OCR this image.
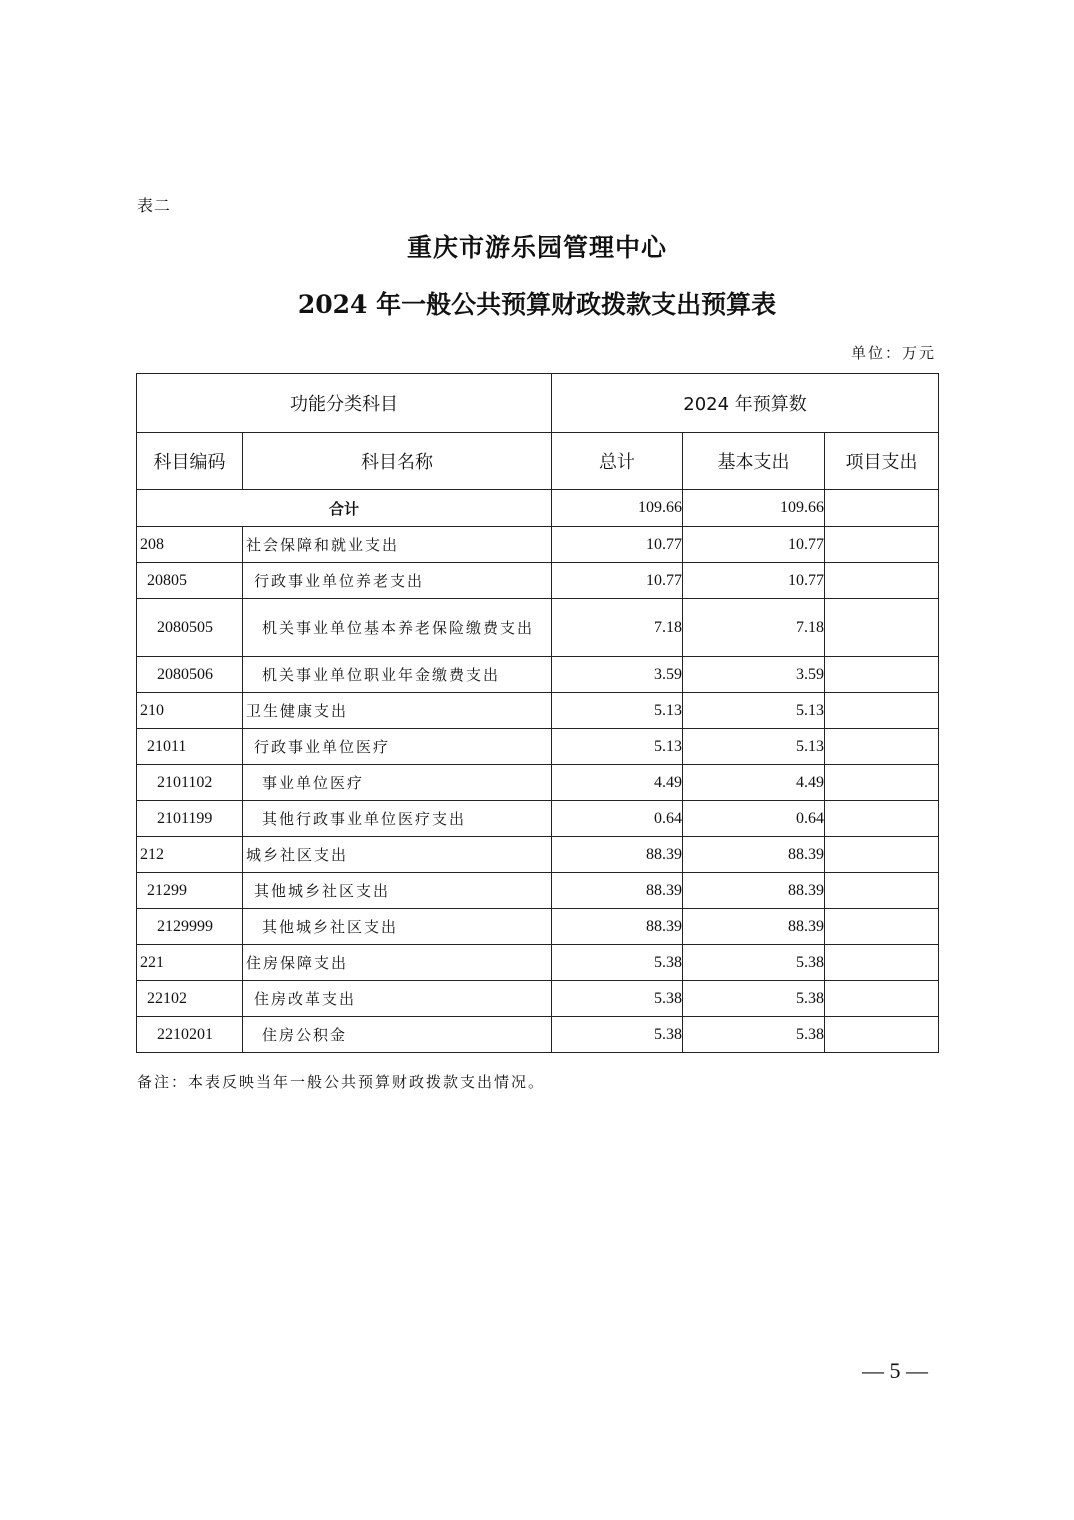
表二
重庆市游乐园管理中心
2024 年一般公共预算财政拨款支出预算表
单位：万元
功能分类科目		2024 年预算数		
科目编码	科目名称	总计	基本支出	项目支出
合计		109.66	109.66	
208	社会保障和就业支出	10.77	10.77	
20805	行政事业单位养老支出	10.77	10.77	
2080505	机关事业单位基本养老保险缴费支出	7.18	7.18	
2080506	机关事业单位职业年金缴费支出	3.59	3.59	
210	卫生健康支出	5.13	5.13	
21011	行政事业单位医疗	5.13	5.13	
2101102	事业单位医疗	4.49	4.49	
2101199	其他行政事业单位医疗支出	0.64	0.64	
212	城乡社区支出	88.39	88.39	
21299	其他城乡社区支出	88.39	88.39	
2129999	其他城乡社区支出	88.39	88.39	
221	住房保障支出	5.38	5.38	
22102	住房改革支出	5.38	5.38	
2210201	住房公积金	5.38	5.38	
备注：本表反映当年一般公共预算财政拨款支出情况。
— 5 —
